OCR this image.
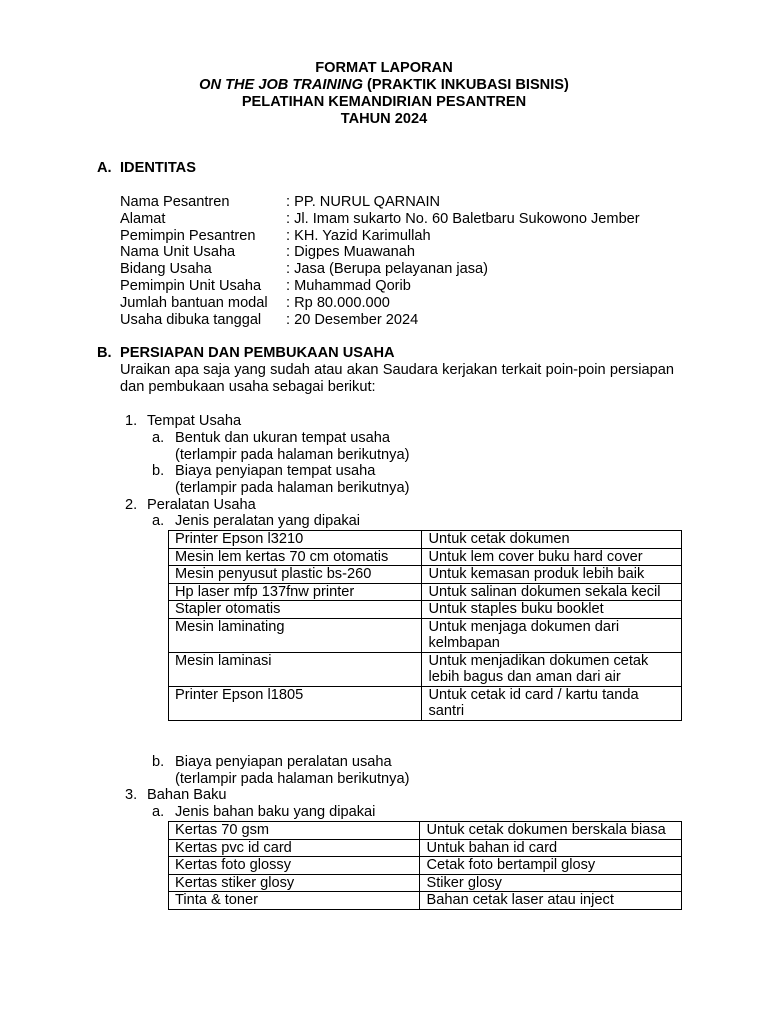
FORMAT LAPORAN
ON THE JOB TRAINING (PRAKTIK INKUBASI BISNIS)
PELATIHAN KEMANDIRIAN PESANTREN
TAHUN 2024
A. IDENTITAS
Nama Pesantren	: PP. NURUL QARNAIN
Alamat	: Jl. Imam sukarto No. 60 Baletbaru Sukowono Jember
Pemimpin Pesantren : KH. Yazid Karimullah
Nama Unit Usaha	: Digpes Muawanah
Bidang Usaha	: Jasa (Berupa pelayanan jasa)
Pemimpin Unit Usaha : Muhammad Qorib
Jumlah bantuan modal : Rp 80.000.000
Usaha dibuka tanggal : 20 Desember 2024
B. PERSIAPAN DAN PEMBUKAAN USAHA
Uraikan apa saja yang sudah atau akan Saudara kerjakan terkait poin-poin persiapan dan pembukaan usaha sebagai berikut:
1. Tempat Usaha
a. Bentuk dan ukuran tempat usaha
(terlampir pada halaman berikutnya)
b. Biaya penyiapan tempat usaha
(terlampir pada halaman berikutnya)
2. Peralatan Usaha
a. Jenis peralatan yang dipakai
Printer Epson l3210	Untuk cetak dokumen
Mesin lem kertas 70 cm otomatis	Untuk lem cover buku hard cover
Mesin penyusut plastic bs-260	Untuk kemasan produk lebih baik
Hp laser mfp 137fnw printer	Untuk salinan dokumen sekala kecil
Stapler otomatis	Untuk staples buku booklet
Mesin laminating	Untuk menjaga dokumen dari kelmbapan
Mesin laminasi	Untuk menjadikan dokumen cetak lebih bagus dan aman dari air
Printer Epson l1805	Untuk cetak id card / kartu tanda santri
b. Biaya penyiapan peralatan usaha
(terlampir pada halaman berikutnya)
3. Bahan Baku
a. Jenis bahan baku yang dipakai
Kertas 70 gsm	Untuk cetak dokumen berskala biasa
Kertas pvc id card	Untuk bahan id card
Kertas foto glossy	Cetak foto bertampil glosy
Kertas stiker glosy	Stiker glosy
Tinta & toner	Bahan cetak laser atau inject
